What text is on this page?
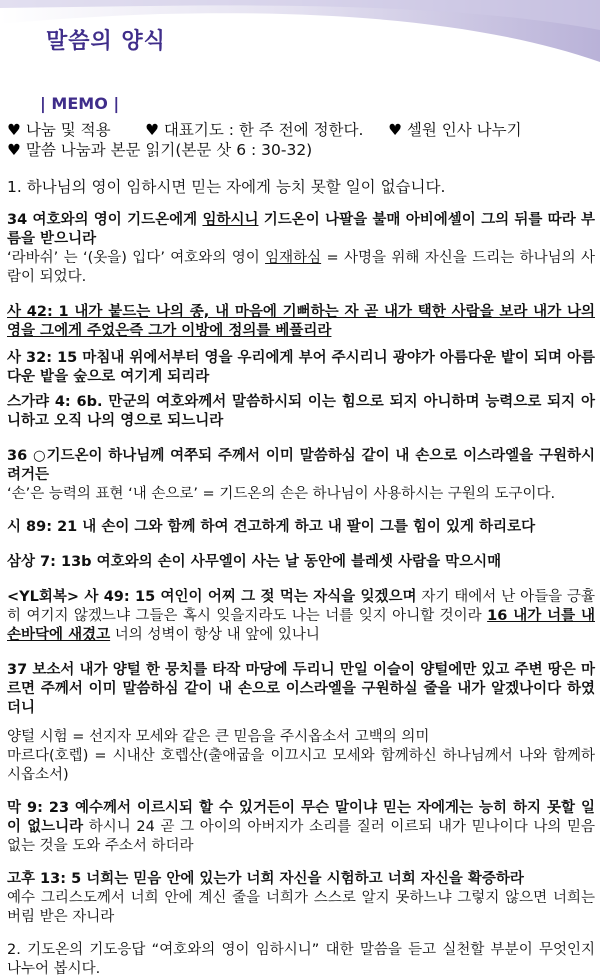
말씀의 양식
| MEMO |
♥ 나눔 및 적용 ♥ 대표기도 : 한 주 전에 정한다. ♥ 셀원 인사 나누기
♥ 말씀 나눔과 본문 읽기(본문 삿 6 : 30-32)

1. 하나님의 영이 임하시면 믿는 자에게 능치 못할 일이 없습니다.

34 여호와의 영이 기드온에게 임하시니 기드온이 나팔을 불매 아비에셀이 그의 뒤를 따라 부름을 받으니라

‘라바쉬’ 는 ‘(옷을) 입다’ 여호와의 영이 임재하심 = 사명을 위해 자신을 드리는 하나님의 사람이 되었다.

사 42: 1 내가 붙드는 나의 종, 내 마음에 기뻐하는 자 곧 내가 택한 사람을 보라 내가 나의 영을 그에게 주었은즉 그가 이방에 정의를 베풀리라

사 32: 15 마침내 위에서부터 영을 우리에게 부어 주시리니 광야가 아름다운 밭이 되며 아름다운 밭을 숲으로 여기게 되리라

스가랴 4: 6b. 만군의 여호와께서 말씀하시되 이는 힘으로 되지 아니하며 능력으로 되지 아니하고 오직 나의 영으로 되느니라

36 ○기드온이 하나님께 여쭈되 주께서 이미 말씀하심 같이 내 손으로 이스라엘을 구원하시려거든

‘손’은 능력의 표현 ‘내 손으로’ = 기드온의 손은 하나님이 사용하시는 구원의 도구이다.

시 89: 21 내 손이 그와 함께 하여 견고하게 하고 내 팔이 그를 힘이 있게 하리로다

삼상 7: 13b 여호와의 손이 사무엘이 사는 날 동안에 블레셋 사람을 막으시매

<YL회복> 사 49: 15 여인이 어찌 그 젖 먹는 자식을 잊겠으며 자기 태에서 난 아들을 긍휼히 여기지 않겠느냐 그들은 혹시 잊을지라도 나는 너를 잊지 아니할 것이라 16 내가 너를 내 손바닥에 새겼고 너의 성벽이 항상 내 앞에 있나니

37 보소서 내가 양털 한 뭉치를 타작 마당에 두리니 만일 이슬이 양털에만 있고 주변 땅은 마르면 주께서 이미 말씀하심 같이 내 손으로 이스라엘을 구원하실 줄을 내가 알겠나이다 하였더니

양털 시험 = 선지자 모세와 같은 큰 믿음을 주시옵소서 고백의 의미

마르다(호렙) = 시내산 호렙산(출애굽을 이끄시고 모세와 함께하신 하나님께서 나와 함께하시옵소서)

막 9: 23 예수께서 이르시되 할 수 있거든이 무슨 말이냐 믿는 자에게는 능히 하지 못할 일이 없느니라 하시니 24 곧 그 아이의 아버지가 소리를 질러 이르되 내가 믿나이다 나의 믿음 없는 것을 도와 주소서 하더라

고후 13: 5 너희는 믿음 안에 있는가 너희 자신을 시험하고 너희 자신을 확증하라

예수 그리스도께서 너희 안에 계신 줄을 너희가 스스로 알지 못하느냐 그렇지 않으면 너희는 버림 받은 자니라

2. 기도온의 기도응답 “여호와의 영이 임하시니” 대한 말씀을 듣고 실천할 부분이 무엇인지 나누어 봅시다.
